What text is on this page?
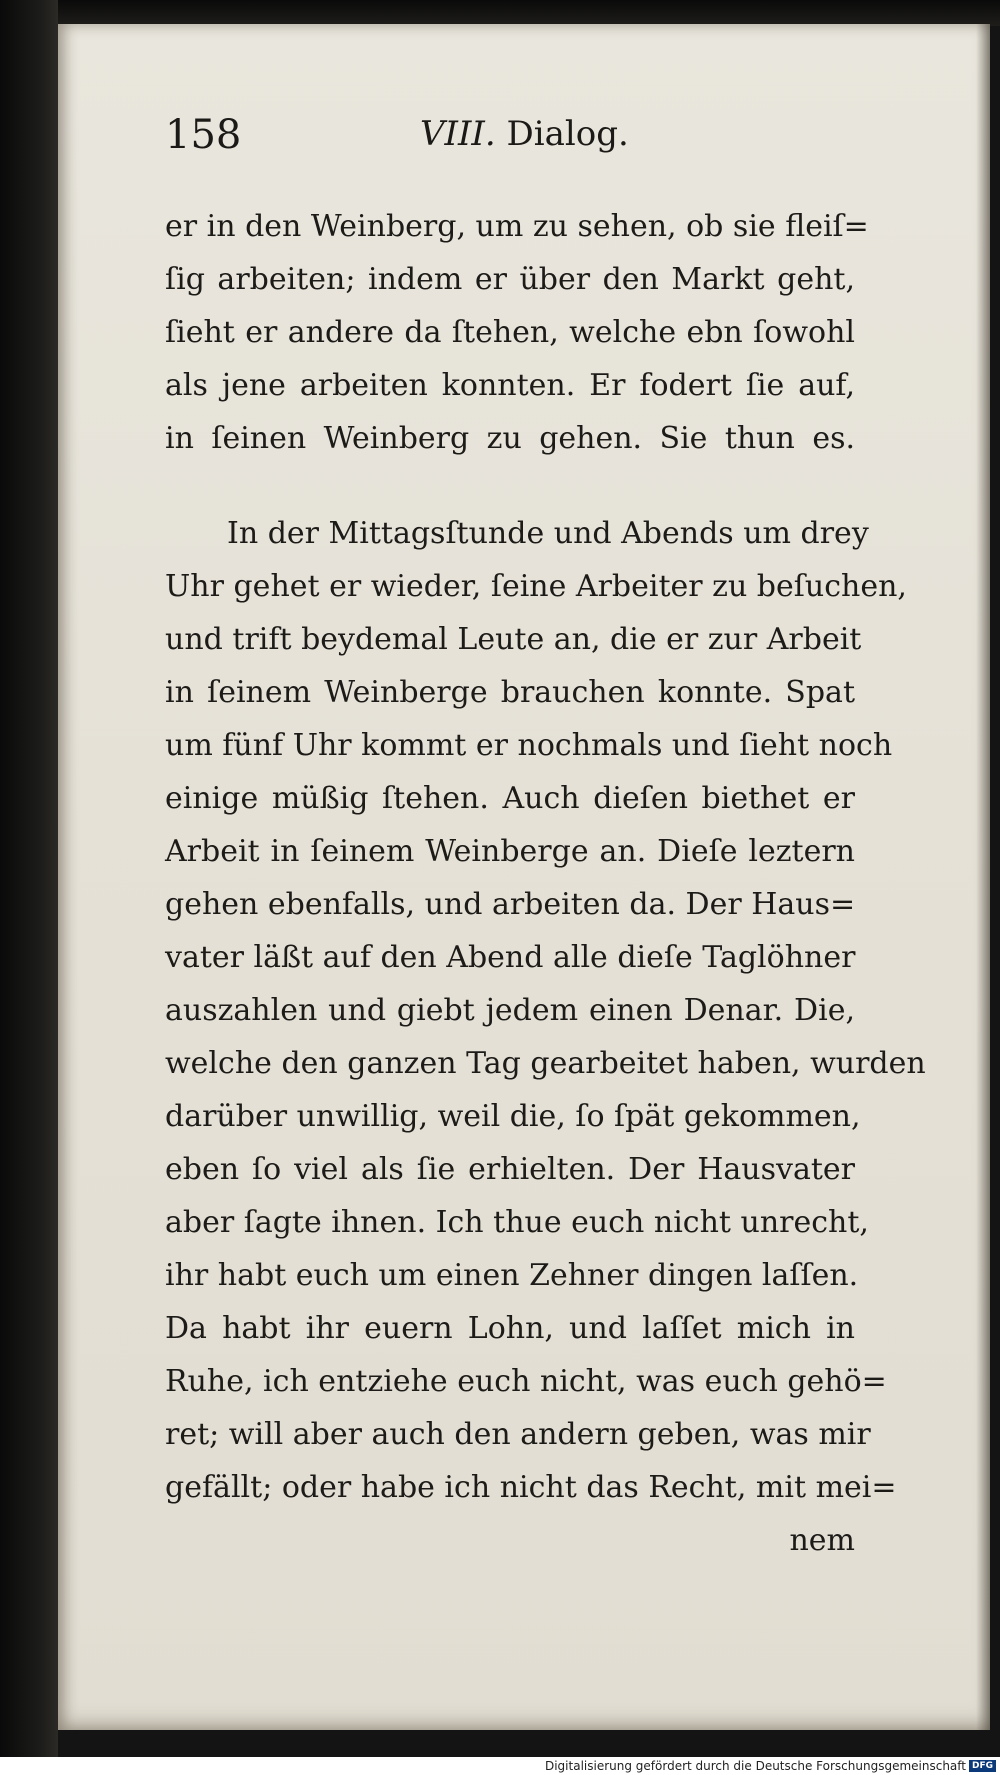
158	VIII. Dialog.
er in den Weinberg, um zu sehen, ob sie fleiſ=
ſig arbeiten; indem er über den Markt geht,
ſieht er andere da ſtehen, welche ebn ſowohl
als jene arbeiten konnten. Er fodert ſie auf,
in ſeinen Weinberg zu gehen. Sie thun es.
In der Mittagsſtunde und Abends um drey
Uhr gehet er wieder, ſeine Arbeiter zu beſuchen,
und trift beydemal Leute an, die er zur Arbeit
in ſeinem Weinberge brauchen konnte. Spat
um fünf Uhr kommt er nochmals und ſieht noch
einige müßig ſtehen. Auch dieſen biethet er
Arbeit in ſeinem Weinberge an. Dieſe leztern
gehen ebenfalls, und arbeiten da. Der Haus=
vater läßt auf den Abend alle dieſe Taglöhner
auszahlen und giebt jedem einen Denar. Die,
welche den ganzen Tag gearbeitet haben, wurden
darüber unwillig, weil die, ſo ſpät gekommen,
eben ſo viel als ſie erhielten. Der Hausvater
aber ſagte ihnen. Ich thue euch nicht unrecht,
ihr habt euch um einen Zehner dingen laſſen.
Da habt ihr euern Lohn, und laſſet mich in
Ruhe, ich entziehe euch nicht, was euch gehö=
ret; will aber auch den andern geben, was mir
gefällt; oder habe ich nicht das Recht, mit mei=
nem
Digitalisierung gefördert durch die Deutsche Forschungsgemeinschaft DFG
